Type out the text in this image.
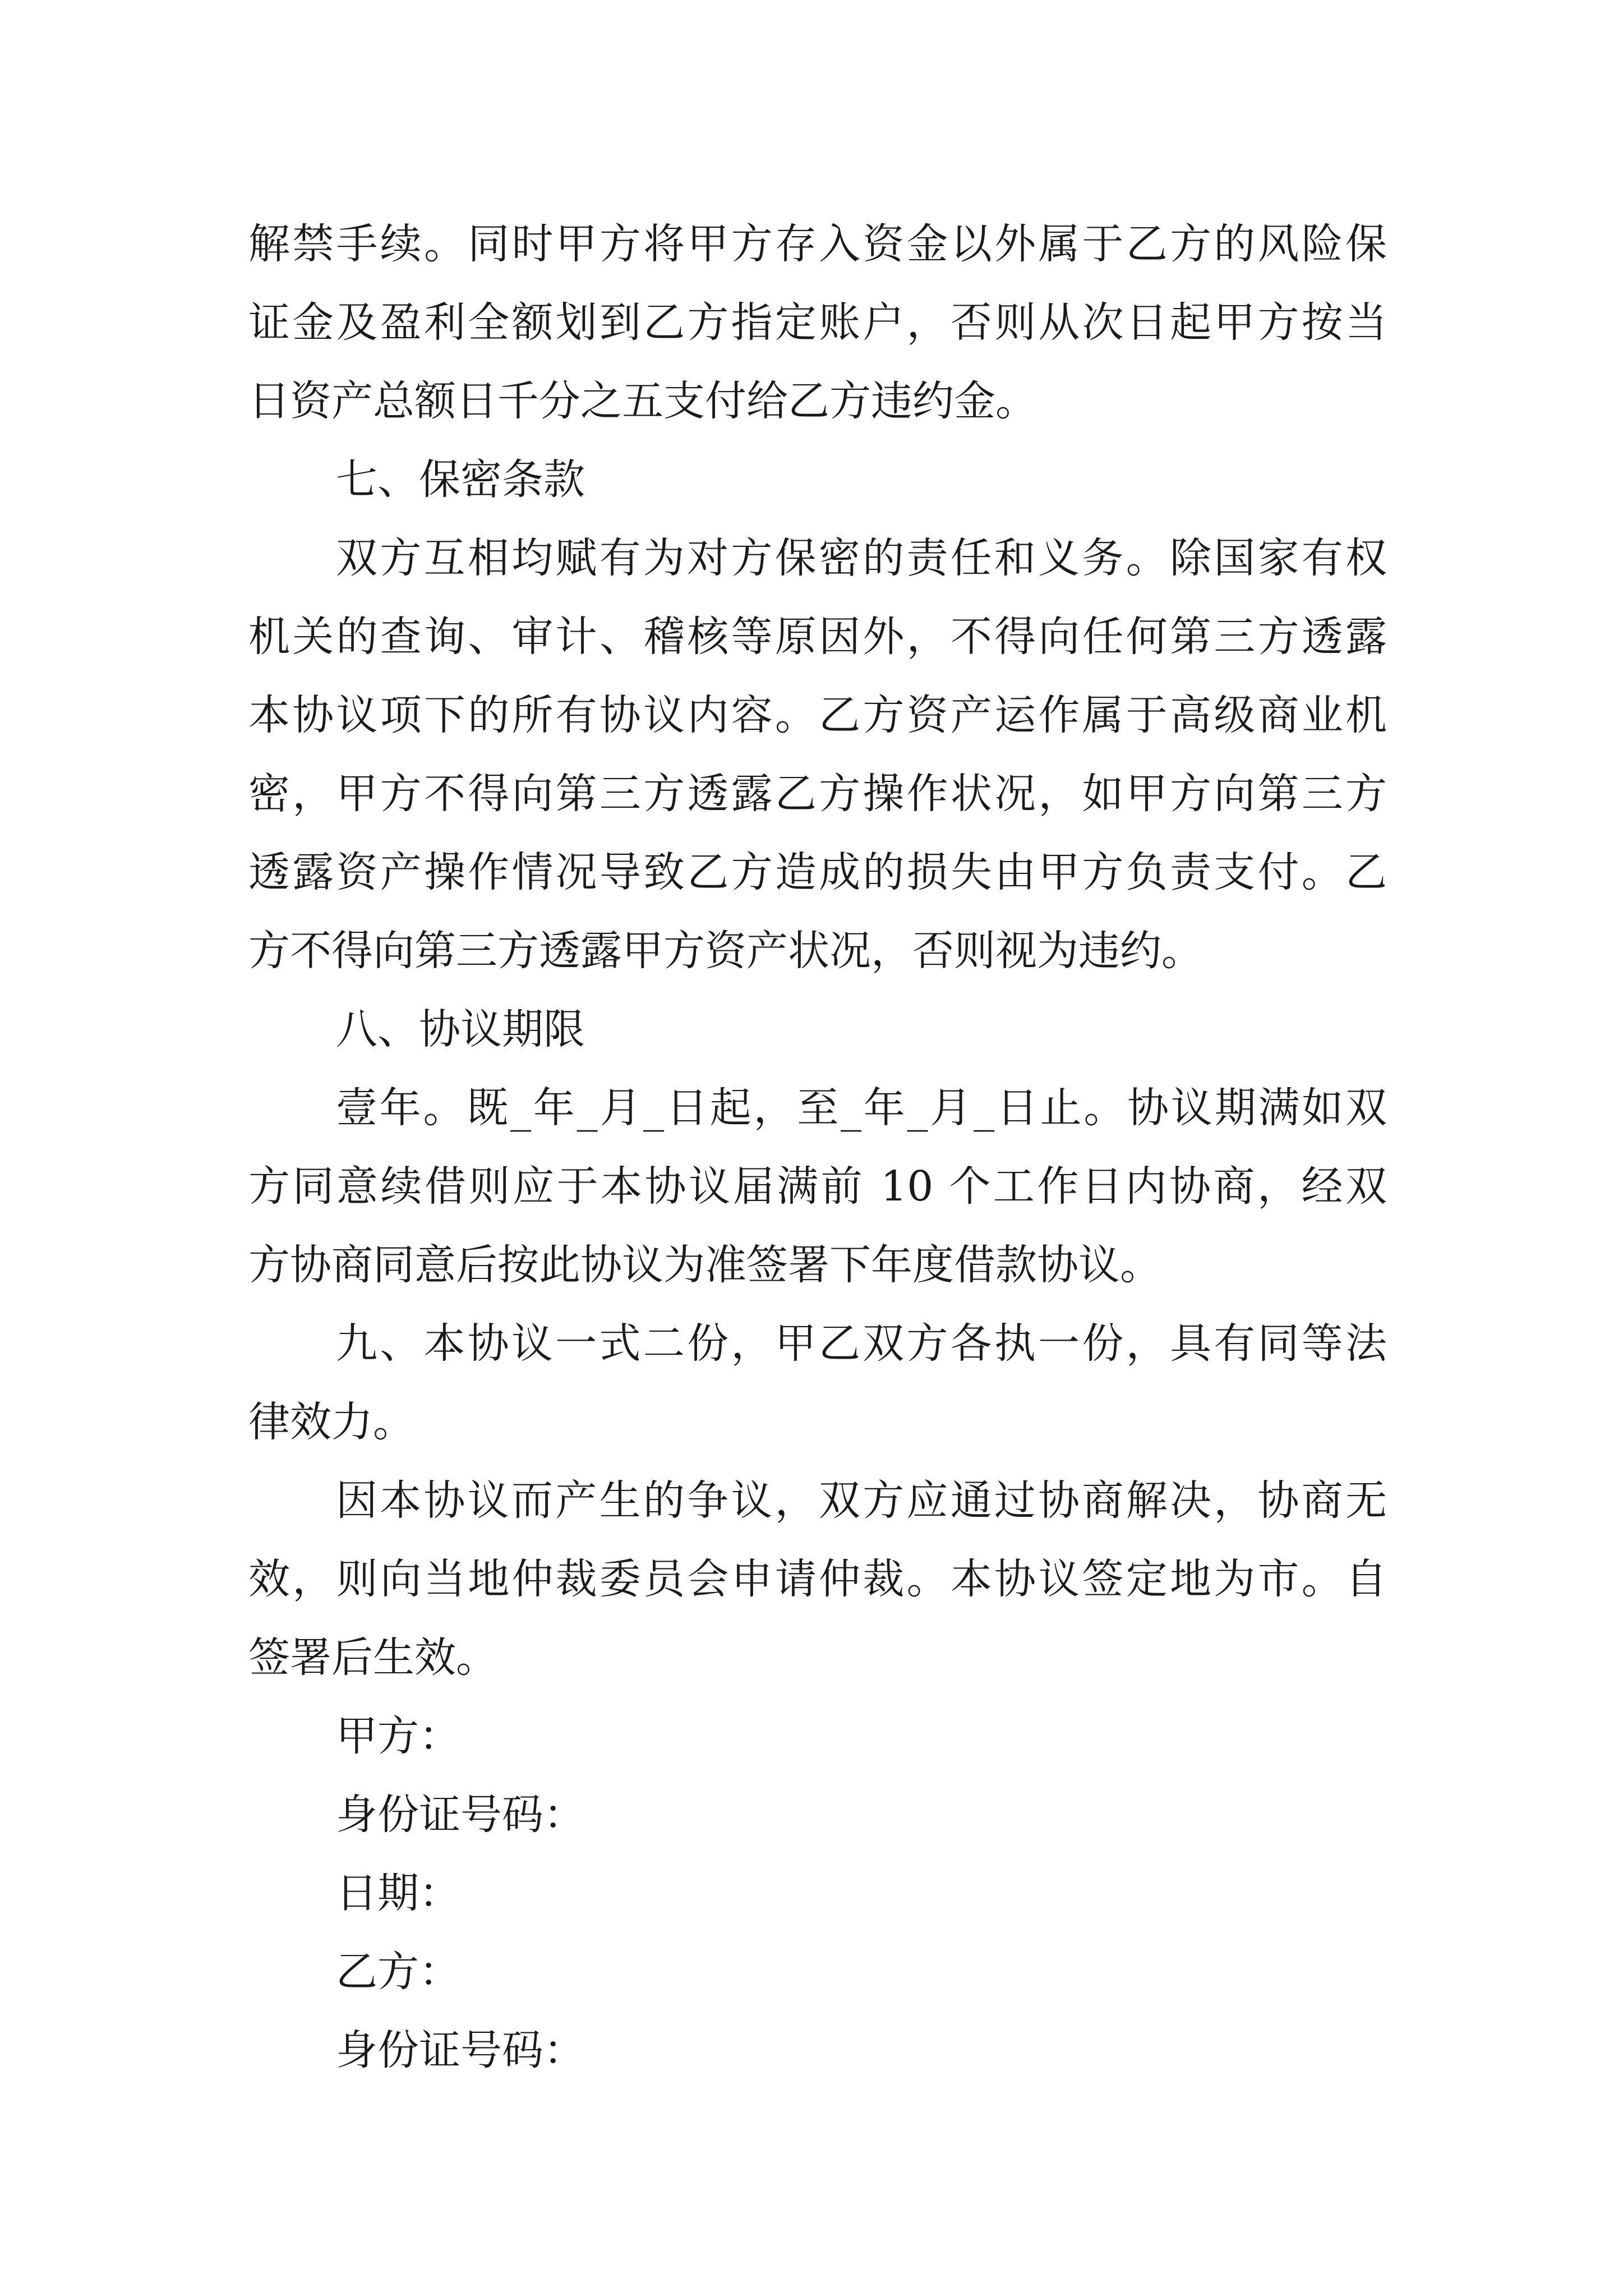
解禁手续。同时甲方将甲方存入资金以外属于乙方的风险保
证金及盈利全额划到乙方指定账户，否则从次日起甲方按当
日资产总额日千分之五支付给乙方违约金。
七、保密条款
双方互相均赋有为对方保密的责任和义务。除国家有权
机关的查询、审计、稽核等原因外，不得向任何第三方透露
本协议项下的所有协议内容。乙方资产运作属于高级商业机
密，甲方不得向第三方透露乙方操作状况，如甲方向第三方
透露资产操作情况导致乙方造成的损失由甲方负责支付。乙
方不得向第三方透露甲方资产状况，否则视为违约。
八、协议期限
壹年。既_年_月_日起，至_年_月_日止。协议期满如双
方同意续借则应于本协议届满前 10 个工作日内协商，经双
方协商同意后按此协议为准签署下年度借款协议。
九、本协议一式二份，甲乙双方各执一份，具有同等法
律效力。
因本协议而产生的争议，双方应通过协商解决，协商无
效，则向当地仲裁委员会申请仲裁。本协议签定地为市。自
签署后生效。
甲方：
身份证号码：
日期：
乙方：
身份证号码：
